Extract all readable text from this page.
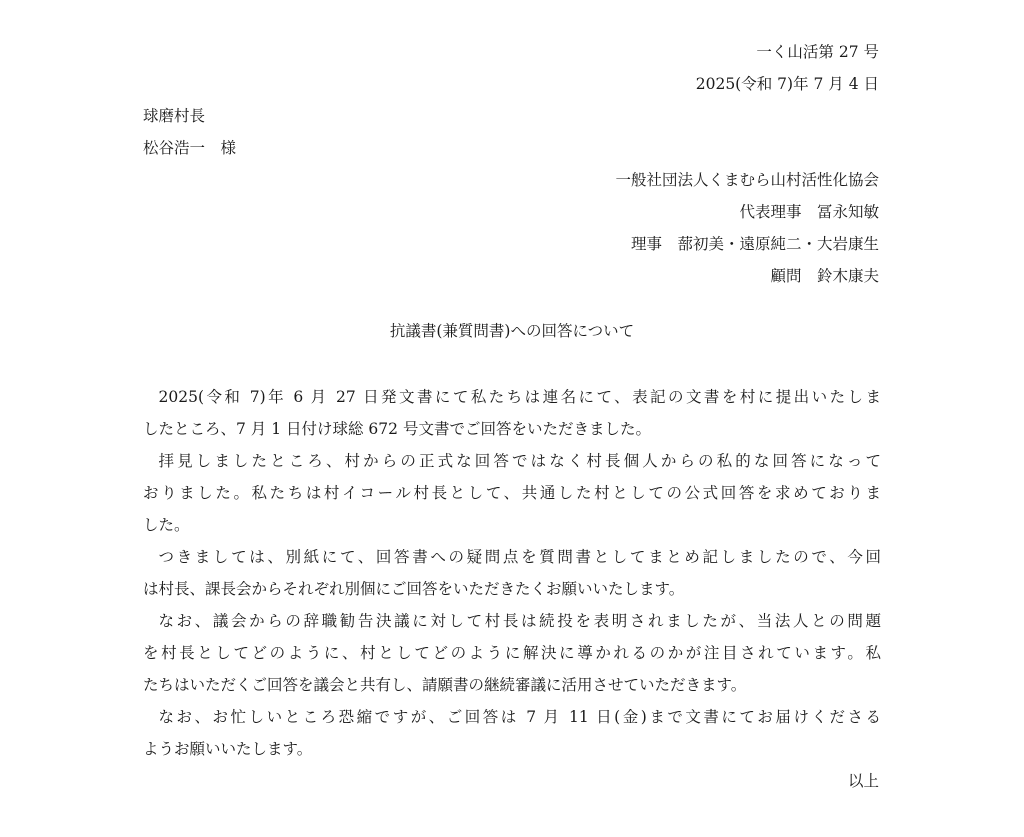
一く山活第 27 号
2025(令和 7)年 7 月 4 日
球磨村長
松谷浩一　様
一般社団法人くまむら山村活性化協会
代表理事　冨永知敏
理事　蔀初美・遠原純二・大岩康生
顧問　鈴木康夫
抗議書(兼質問書)への回答について
2025(令和 7)年 6 月 27 日発文書にて私たちは連名にて、表記の文書を村に提出いたしま
したところ、7 月 1 日付け球総 672 号文書でご回答をいただきました。
拝見しましたところ、村からの正式な回答ではなく村長個人からの私的な回答になって
おりました。私たちは村イコール村長として、共通した村としての公式回答を求めておりま
した。
つきましては、別紙にて、回答書への疑問点を質問書としてまとめ記しましたので、今回
は村長、課長会からそれぞれ別個にご回答をいただきたくお願いいたします。
なお、議会からの辞職勧告決議に対して村長は続投を表明されましたが、当法人との問題
を村長としてどのように、村としてどのように解決に導かれるのかが注目されています。私
たちはいただくご回答を議会と共有し、請願書の継続審議に活用させていただきます。
なお、お忙しいところ恐縮ですが、ご回答は 7 月 11 日(金)まで文書にてお届けくださる
ようお願いいたします。
以上
